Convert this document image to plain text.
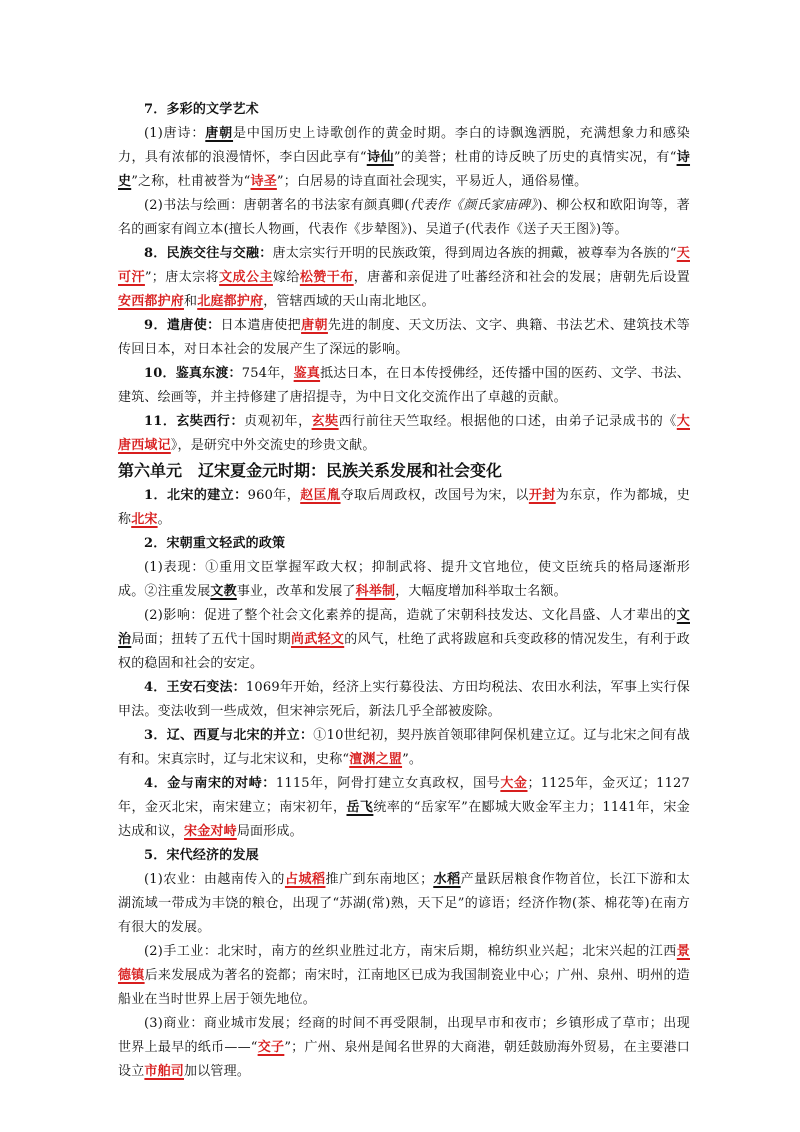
7．多彩的文学艺术

(1)唐诗：唐朝是中国历史上诗歌创作的黄金时期。李白的诗飘逸洒脱，充满想象力和感染力，具有浓郁的浪漫情怀，李白因此享有“诗仙”的美誉；杜甫的诗反映了历史的真情实况，有“诗史”之称，杜甫被誉为“诗圣”；白居易的诗直面社会现实，平易近人，通俗易懂。

(2)书法与绘画：唐朝著名的书法家有颜真卿(代表作《颜氏家庙碑》)、柳公权和欧阳询等，著名的画家有阎立本(擅长人物画，代表作《步辇图》)、吴道子(代表作《送子天王图》)等。

8．民族交往与交融：唐太宗实行开明的民族政策，得到周边各族的拥戴，被尊奉为各族的“天可汗”；唐太宗将文成公主嫁给松赞干布，唐蕃和亲促进了吐蕃经济和社会的发展；唐朝先后设置安西都护府和北庭都护府，管辖西域的天山南北地区。

9．遣唐使：日本遣唐使把唐朝先进的制度、天文历法、文字、典籍、书法艺术、建筑技术等传回日本，对日本社会的发展产生了深远的影响。

10．鉴真东渡：754年，鉴真抵达日本，在日本传授佛经，还传播中国的医药、文学、书法、建筑、绘画等，并主持修建了唐招提寺，为中日文化交流作出了卓越的贡献。

11．玄奘西行：贞观初年，玄奘西行前往天竺取经。根据他的口述，由弟子记录成书的《大唐西域记》，是研究中外交流史的珍贵文献。

第六单元　辽宋夏金元时期：民族关系发展和社会变化

1．北宋的建立：960年，赵匡胤夺取后周政权，改国号为宋，以开封为东京，作为都城，史称北宋。

2．宋朝重文轻武的政策

(1)表现：①重用文臣掌握军政大权；抑制武将、提升文官地位，使文臣统兵的格局逐渐形成。②注重发展文教事业，改革和发展了科举制，大幅度增加科举取士名额。

(2)影响：促进了整个社会文化素养的提高，造就了宋朝科技发达、文化昌盛、人才辈出的文治局面；扭转了五代十国时期尚武轻文的风气，杜绝了武将跋扈和兵变政移的情况发生，有利于政权的稳固和社会的安定。

4．王安石变法：1069年开始，经济上实行募役法、方田均税法、农田水利法，军事上实行保甲法。变法收到一些成效，但宋神宗死后，新法几乎全部被废除。

3．辽、西夏与北宋的并立：①10世纪初，契丹族首领耶律阿保机建立辽。辽与北宋之间有战有和。宋真宗时，辽与北宋议和，史称“澶渊之盟”。

4．金与南宋的对峙：1115年，阿骨打建立女真政权，国号大金；1125年，金灭辽；1127年，金灭北宋，南宋建立；南宋初年，岳飞统率的“岳家军”在郾城大败金军主力；1141年，宋金达成和议，宋金对峙局面形成。

5．宋代经济的发展

(1)农业：由越南传入的占城稻推广到东南地区；水稻产量跃居粮食作物首位，长江下游和太湖流域一带成为丰饶的粮仓，出现了“苏湖(常)熟，天下足”的谚语；经济作物(茶、棉花等)在南方有很大的发展。

(2)手工业：北宋时，南方的丝织业胜过北方，南宋后期，棉纺织业兴起；北宋兴起的江西景德镇后来发展成为著名的瓷都；南宋时，江南地区已成为我国制瓷业中心；广州、泉州、明州的造船业在当时世界上居于领先地位。

(3)商业：商业城市发展；经商的时间不再受限制，出现早市和夜市；乡镇形成了草市；出现世界上最早的纸币——“交子”；广州、泉州是闻名世界的大商港，朝廷鼓励海外贸易，在主要港口设立市舶司加以管理。
